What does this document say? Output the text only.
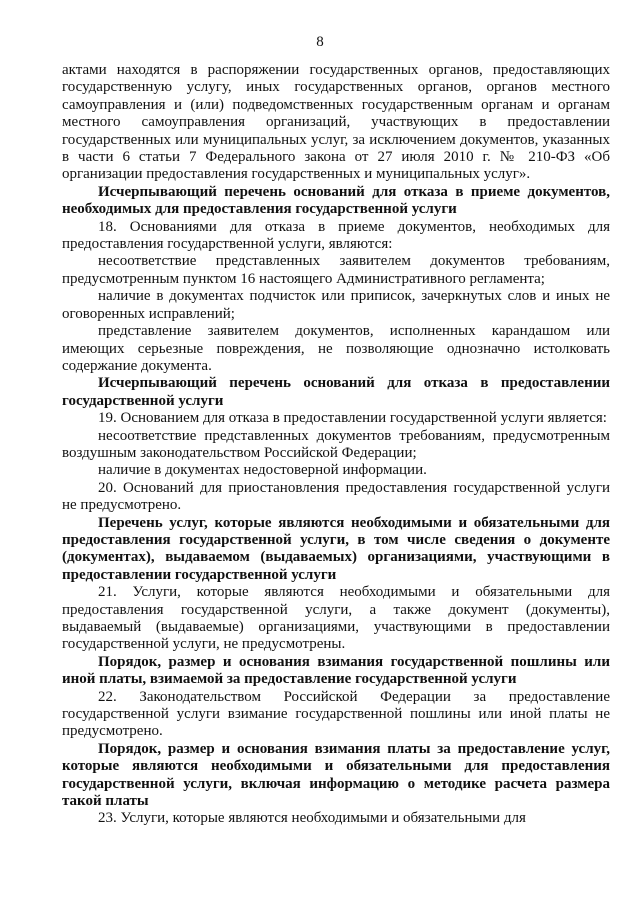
8

актами находятся в распоряжении государственных органов, предоставляющих государственную услугу, иных государственных органов, органов местного самоуправления и (или) подведомственных государственным органам и органам местного самоуправления организаций, участвующих в предоставлении государственных или муниципальных услуг, за исключением документов, указанных в части 6 статьи 7 Федерального закона от 27 июля 2010 г. № 210-ФЗ «Об организации предоставления государственных и муниципальных услуг».

Исчерпывающий перечень оснований для отказа в приеме документов, необходимых для предоставления государственной услуги

18. Основаниями для отказа в приеме документов, необходимых для предоставления государственной услуги, являются:

несоответствие представленных заявителем документов требованиям, предусмотренным пунктом 16 настоящего Административного регламента;

наличие в документах подчисток или приписок, зачеркнутых слов и иных не оговоренных исправлений;

представление заявителем документов, исполненных карандашом или имеющих серьезные повреждения, не позволяющие однозначно истолковать содержание документа.

Исчерпывающий перечень оснований для отказа в предоставлении государственной услуги

19. Основанием для отказа в предоставлении государственной услуги является:

несоответствие представленных документов требованиям, предусмотренным воздушным законодательством Российской Федерации;

наличие в документах недостоверной информации.

20. Оснований для приостановления предоставления государственной услуги не предусмотрено.

Перечень услуг, которые являются необходимыми и обязательными для предоставления государственной услуги, в том числе сведения о документе (документах), выдаваемом (выдаваемых) организациями, участвующими в предоставлении государственной услуги

21. Услуги, которые являются необходимыми и обязательными для предоставления государственной услуги, а также документ (документы), выдаваемый (выдаваемые) организациями, участвующими в предоставлении государственной услуги, не предусмотрены.

Порядок, размер и основания взимания государственной пошлины или иной платы, взимаемой за предоставление государственной услуги

22. Законодательством Российской Федерации за предоставление государственной услуги взимание государственной пошлины или иной платы не предусмотрено.

Порядок, размер и основания взимания платы за предоставление услуг, которые являются необходимыми и обязательными для предоставления государственной услуги, включая информацию о методике расчета размера такой платы

23. Услуги, которые являются необходимыми и обязательными для
